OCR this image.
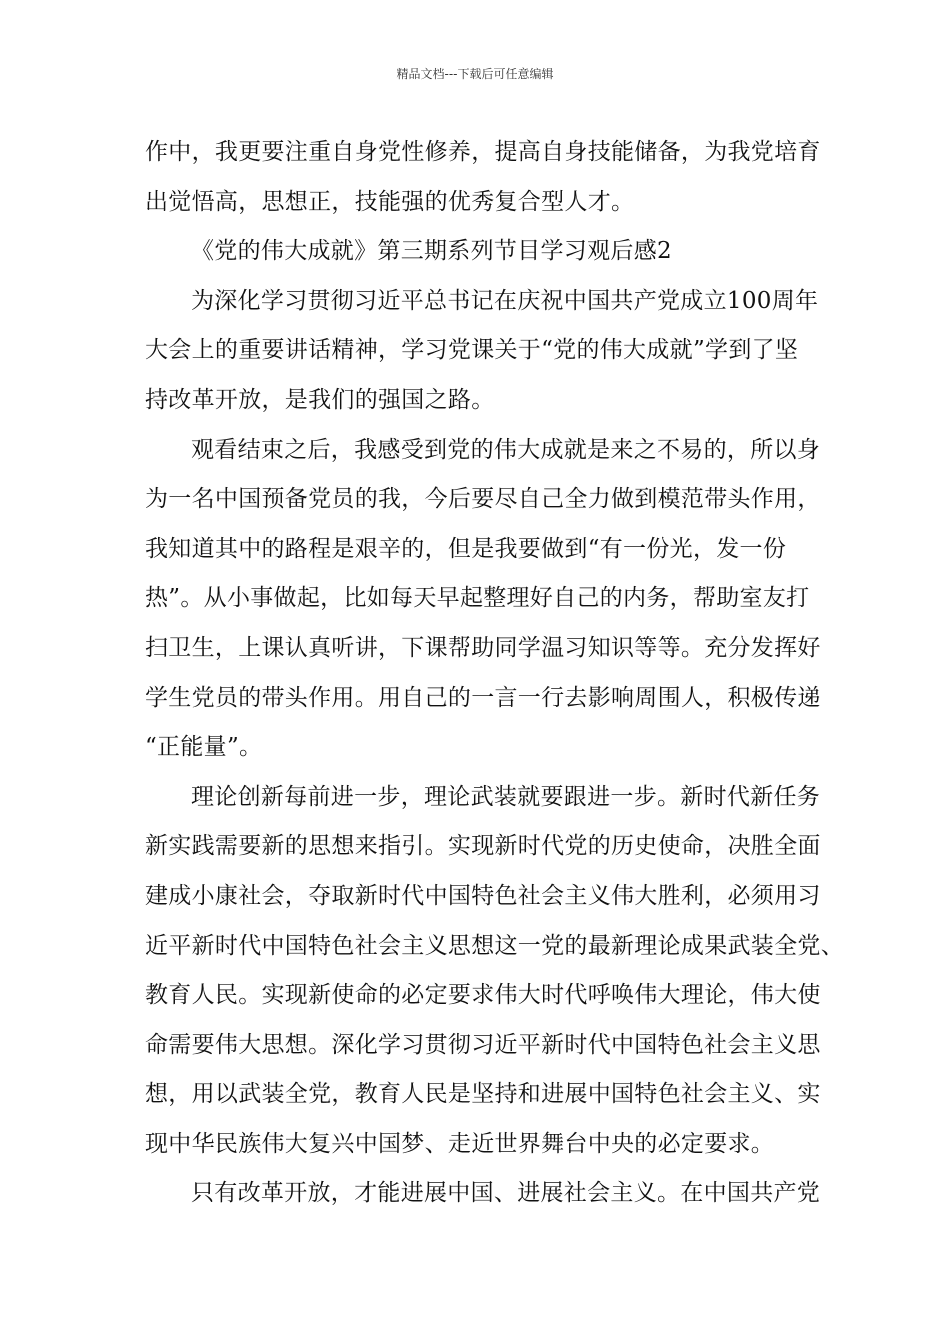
精品文档---下载后可任意编辑
作中，我更要注重自身党性修养，提高自身技能储备，为我党培育
出觉悟高，思想正，技能强的优秀复合型人才。
《党的伟大成就》第三期系列节目学习观后感2
为深化学习贯彻习近平总书记在庆祝中国共产党成立100周年
大会上的重要讲话精神，学习党课关于“党的伟大成就”学到了坚
持改革开放，是我们的强国之路。
观看结束之后，我感受到党的伟大成就是来之不易的，所以身
为一名中国预备党员的我，今后要尽自己全力做到模范带头作用，
我知道其中的路程是艰辛的，但是我要做到“有一份光，发一份
热”。从小事做起，比如每天早起整理好自己的内务，帮助室友打
扫卫生，上课认真听讲，下课帮助同学温习知识等等。充分发挥好
学生党员的带头作用。用自己的一言一行去影响周围人，积极传递
“正能量”。
理论创新每前进一步，理论武装就要跟进一步。新时代新任务
新实践需要新的思想来指引。实现新时代党的历史使命，决胜全面
建成小康社会，夺取新时代中国特色社会主义伟大胜利，必须用习
近平新时代中国特色社会主义思想这一党的最新理论成果武装全党、
教育人民。实现新使命的必定要求伟大时代呼唤伟大理论，伟大使
命需要伟大思想。深化学习贯彻习近平新时代中国特色社会主义思
想，用以武装全党，教育人民是坚持和进展中国特色社会主义、实
现中华民族伟大复兴中国梦、走近世界舞台中央的必定要求。
只有改革开放，才能进展中国、进展社会主义。在中国共产党
